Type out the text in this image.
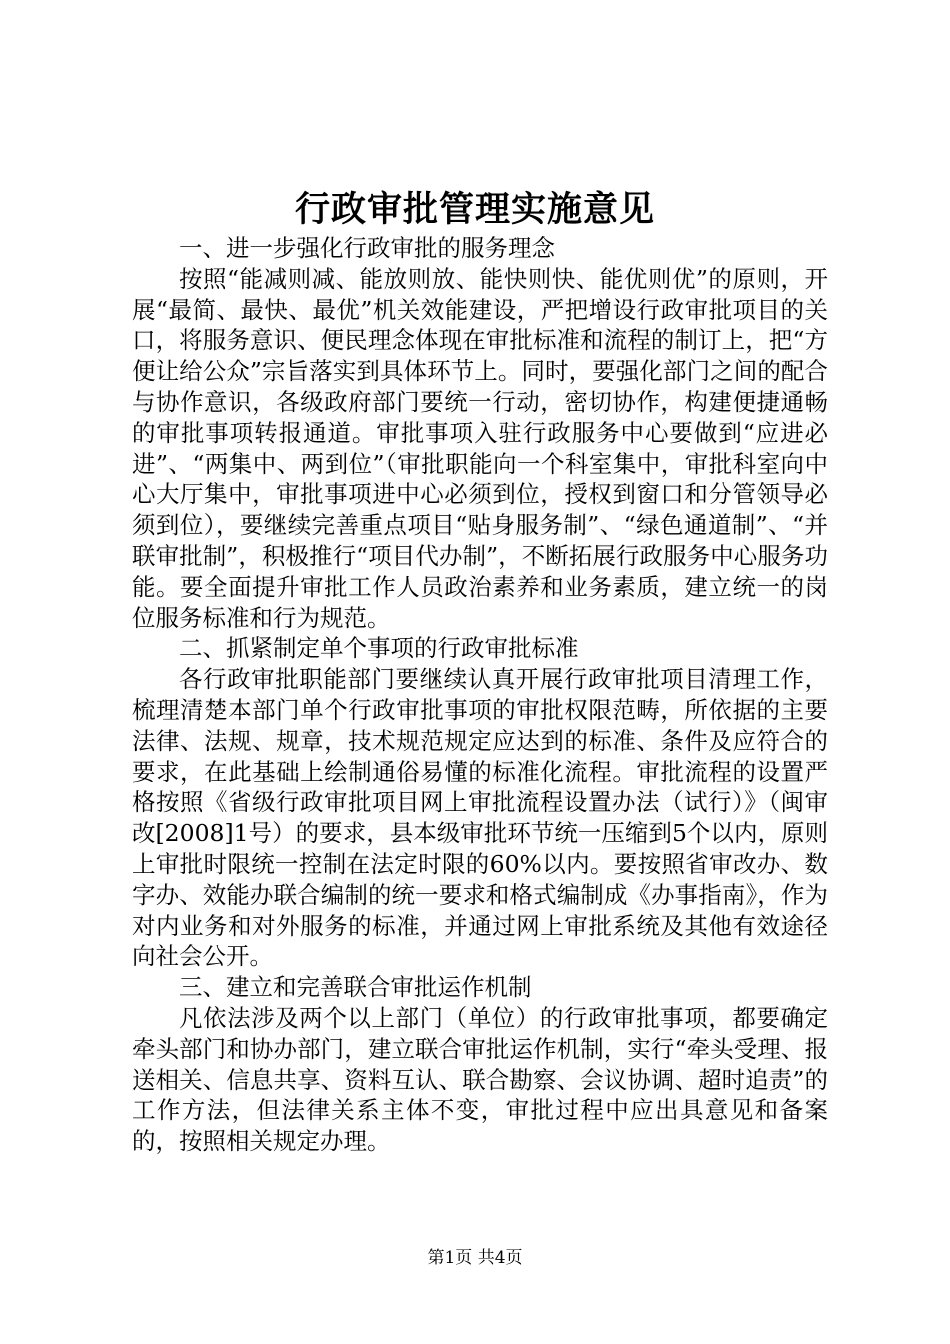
行政审批管理实施意见

一、进一步强化行政审批的服务理念

按照“能减则减、能放则放、能快则快、能优则优”的原则，开展“最简、最快、最优”机关效能建设，严把增设行政审批项目的关口，将服务意识、便民理念体现在审批标准和流程的制订上，把“方便让给公众”宗旨落实到具体环节上。同时，要强化部门之间的配合与协作意识，各级政府部门要统一行动，密切协作，构建便捷通畅的审批事项转报通道。审批事项入驻行政服务中心要做到“应进必进”、“两集中、两到位”（审批职能向一个科室集中，审批科室向中心大厅集中，审批事项进中心必须到位，授权到窗口和分管领导必须到位），要继续完善重点项目“贴身服务制”、“绿色通道制”、“并联审批制”，积极推行“项目代办制”，不断拓展行政服务中心服务功能。要全面提升审批工作人员政治素养和业务素质，建立统一的岗位服务标准和行为规范。

二、抓紧制定单个事项的行政审批标准

各行政审批职能部门要继续认真开展行政审批项目清理工作，梳理清楚本部门单个行政审批事项的审批权限范畴，所依据的主要法律、法规、规章，技术规范规定应达到的标准、条件及应符合的要求，在此基础上绘制通俗易懂的标准化流程。审批流程的设置严格按照《省级行政审批项目网上审批流程设置办法（试行）》（闽审改[2008]1号）的要求，县本级审批环节统一压缩到5个以内，原则上审批时限统一控制在法定时限的60%以内。要按照省审改办、数字办、效能办联合编制的统一要求和格式编制成《办事指南》，作为对内业务和对外服务的标准，并通过网上审批系统及其他有效途径向社会公开。

三、建立和完善联合审批运作机制

凡依法涉及两个以上部门（单位）的行政审批事项，都要确定牵头部门和协办部门，建立联合审批运作机制，实行“牵头受理、报送相关、信息共享、资料互认、联合勘察、会议协调、超时追责”的工作方法，但法律关系主体不变，审批过程中应出具意见和备案的，按照相关规定办理。

第1页 共4页
